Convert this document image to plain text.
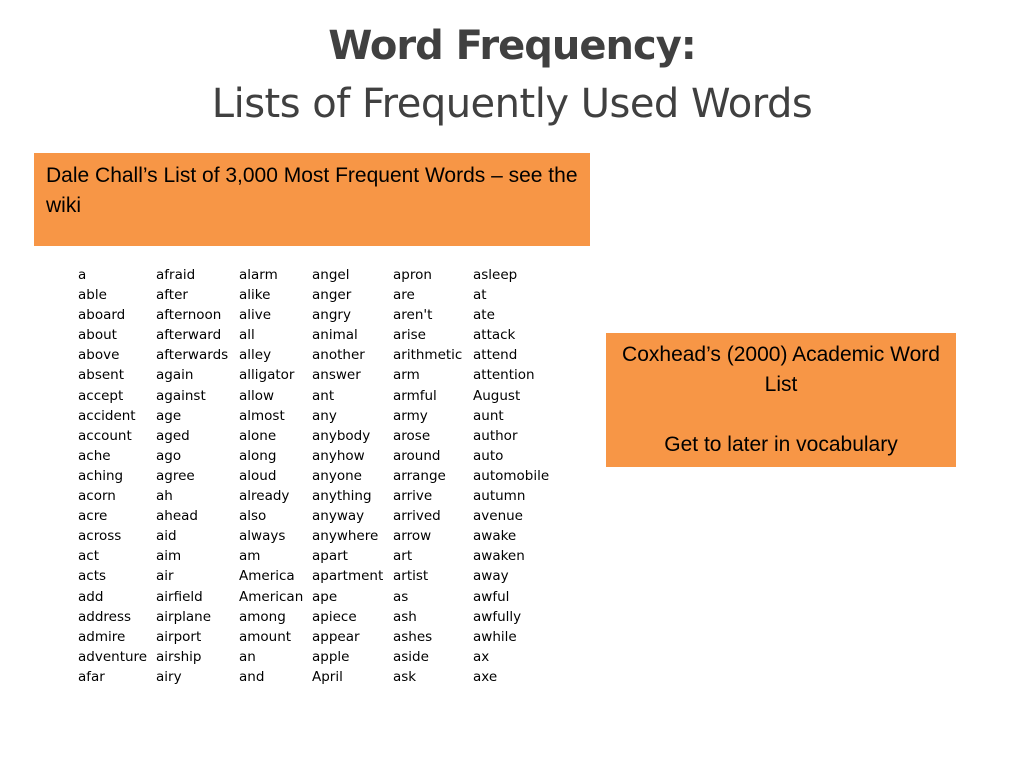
Word Frequency:
Lists of Frequently Used Words
Dale Chall’s List of 3,000 Most Frequent Words – see the wiki
a
able
aboard
about
above
absent
accept
accident
account
ache
aching
acorn
acre
across
act
acts
add
address
admire
adventure
afar
afraid
after
afternoon
afterward
afterwards
again
against
age
aged
ago
agree
ah
ahead
aid
aim
air
airfield
airplane
airport
airship
airy
alarm
alike
alive
all
alley
alligator
allow
almost
alone
along
aloud
already
also
always
am
America
American
among
amount
an
and
angel
anger
angry
animal
another
answer
ant
any
anybody
anyhow
anyone
anything
anyway
anywhere
apart
apartment
ape
apiece
appear
apple
April
apron
are
aren't
arise
arithmetic
arm
armful
army
arose
around
arrange
arrive
arrived
arrow
art
artist
as
ash
ashes
aside
ask
asleep
at
ate
attack
attend
attention
August
aunt
author
auto
automobile
autumn
avenue
awake
awaken
away
awful
awfully
awhile
ax
axe
Coxhead’s (2000) Academic Word List
Get to later in vocabulary
